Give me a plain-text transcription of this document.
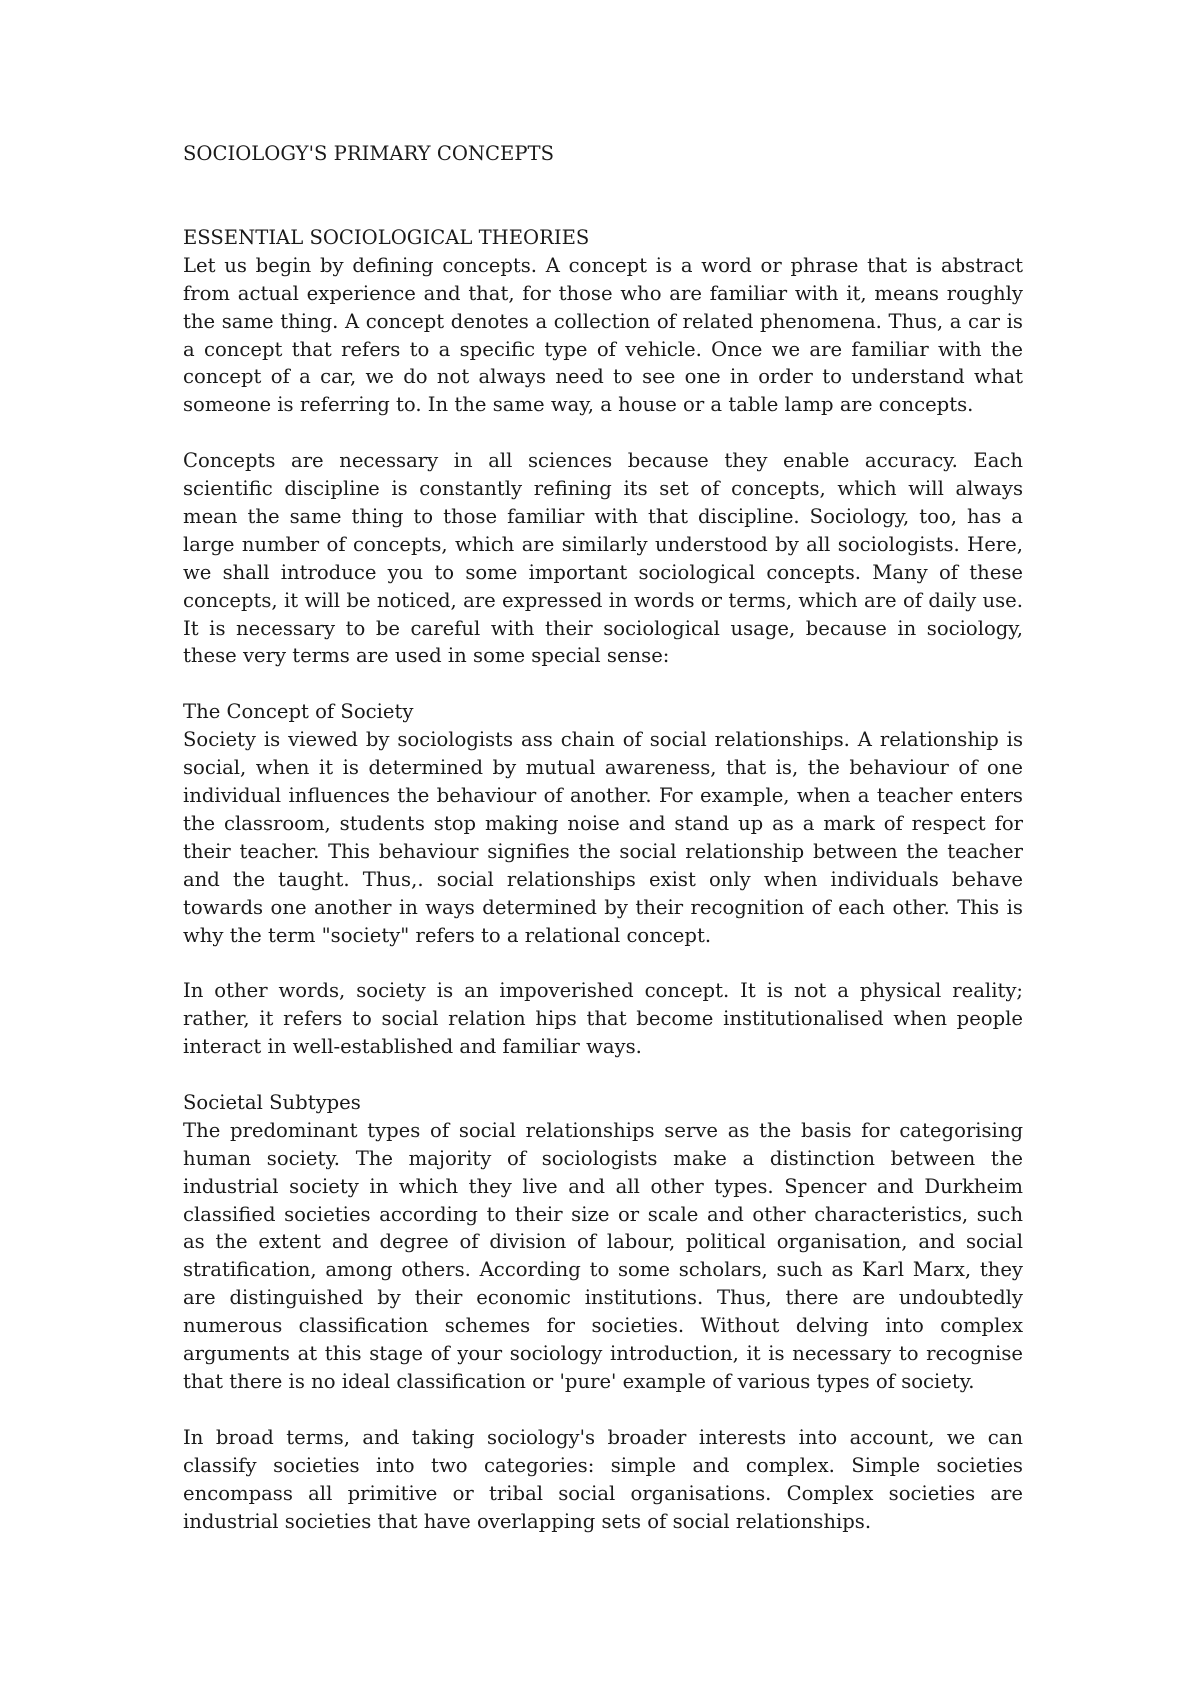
SOCIOLOGY'S PRIMARY CONCEPTS
ESSENTIAL SOCIOLOGICAL THEORIES

Let us begin by defining concepts. A concept is a word or phrase that is abstract from actual experience and that, for those who are familiar with it, means roughly the same thing. A concept denotes a collection of related phenomena. Thus, a car is a concept that refers to a specific type of vehicle. Once we are familiar with the concept of a car, we do not always need to see one in order to understand what someone is referring to. In the same way, a house or a table lamp are concepts.

Concepts are necessary in all sciences because they enable accuracy. Each scientific discipline is constantly refining its set of concepts, which will always mean the same thing to those familiar with that discipline. Sociology, too, has a large number of concepts, which are similarly understood by all sociologists. Here, we shall introduce you to some important sociological concepts. Many of these concepts, it will be noticed, are expressed in words or terms, which are of daily use. It is necessary to be careful with their sociological usage, because in sociology, these very terms are used in some special sense:

The Concept of Society

Society is viewed by sociologists ass chain of social relationships. A relationship is social, when it is determined by mutual awareness, that is, the behaviour of one individual influences the behaviour of another. For example, when a teacher enters the classroom, students stop making noise and stand up as a mark of respect for their teacher. This behaviour signifies the social relationship between the teacher and the taught. Thus,. social relationships exist only when individuals behave towards one another in ways determined by their recognition of each other. This is why the term "society" refers to a relational concept.

In other words, society is an impoverished concept. It is not a physical reality; rather, it refers to social relation hips that become institutionalised when people interact in well-established and familiar ways.

Societal Subtypes

The predominant types of social relationships serve as the basis for categorising human society. The majority of sociologists make a distinction between the industrial society in which they live and all other types. Spencer and Durkheim classified societies according to their size or scale and other characteristics, such as the extent and degree of division of labour, political organisation, and social stratification, among others. According to some scholars, such as Karl Marx, they are distinguished by their economic institutions. Thus, there are undoubtedly numerous classification schemes for societies. Without delving into complex arguments at this stage of your sociology introduction, it is necessary to recognise that there is no ideal classification or 'pure' example of various types of society.

In broad terms, and taking sociology's broader interests into account, we can classify societies into two categories: simple and complex. Simple societies encompass all primitive or tribal social organisations. Complex societies are industrial societies that have overlapping sets of social relationships.
